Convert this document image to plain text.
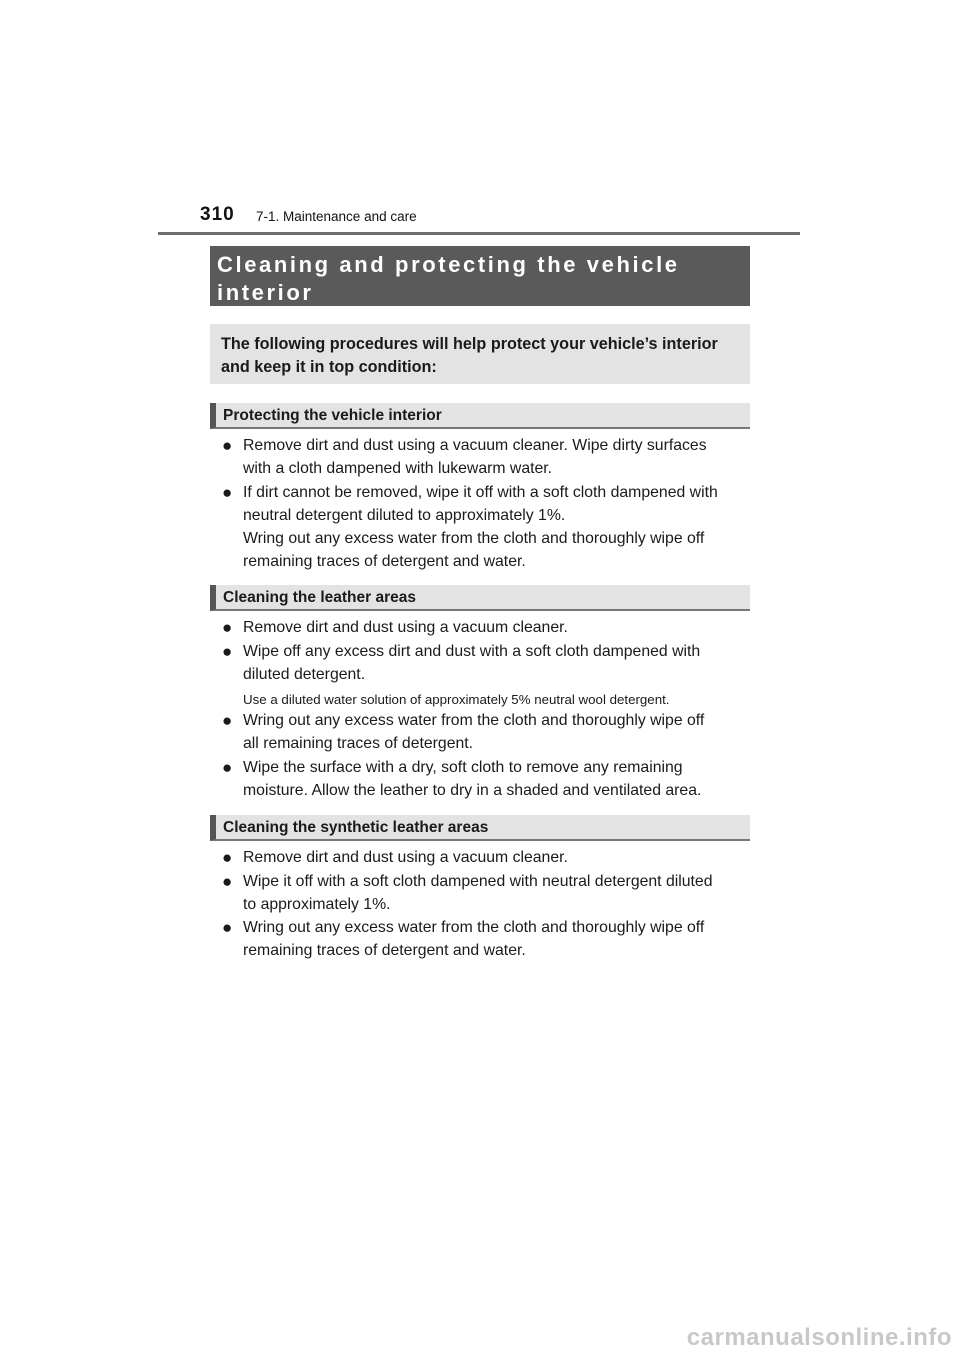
310 7-1. Maintenance and care
Cleaning and protecting the vehicle
interior
The following procedures will help protect your vehicle’s interior
and keep it in top condition:
Protecting the vehicle interior
● Remove dirt and dust using a vacuum cleaner. Wipe dirty surfaces
with a cloth dampened with lukewarm water.
● If dirt cannot be removed, wipe it off with a soft cloth dampened with
neutral detergent diluted to approximately 1%.
Wring out any excess water from the cloth and thoroughly wipe off
remaining traces of detergent and water.
Cleaning the leather areas
● Remove dirt and dust using a vacuum cleaner.
● Wipe off any excess dirt and dust with a soft cloth dampened with
diluted detergent.
Use a diluted water solution of approximately 5% neutral wool detergent.
● Wring out any excess water from the cloth and thoroughly wipe off
all remaining traces of detergent.
● Wipe the surface with a dry, soft cloth to remove any remaining
moisture. Allow the leather to dry in a shaded and ventilated area.
Cleaning the synthetic leather areas
● Remove dirt and dust using a vacuum cleaner.
● Wipe it off with a soft cloth dampened with neutral detergent diluted
to approximately 1%.
● Wring out any excess water from the cloth and thoroughly wipe off
remaining traces of detergent and water.
carmanualsonline.info
